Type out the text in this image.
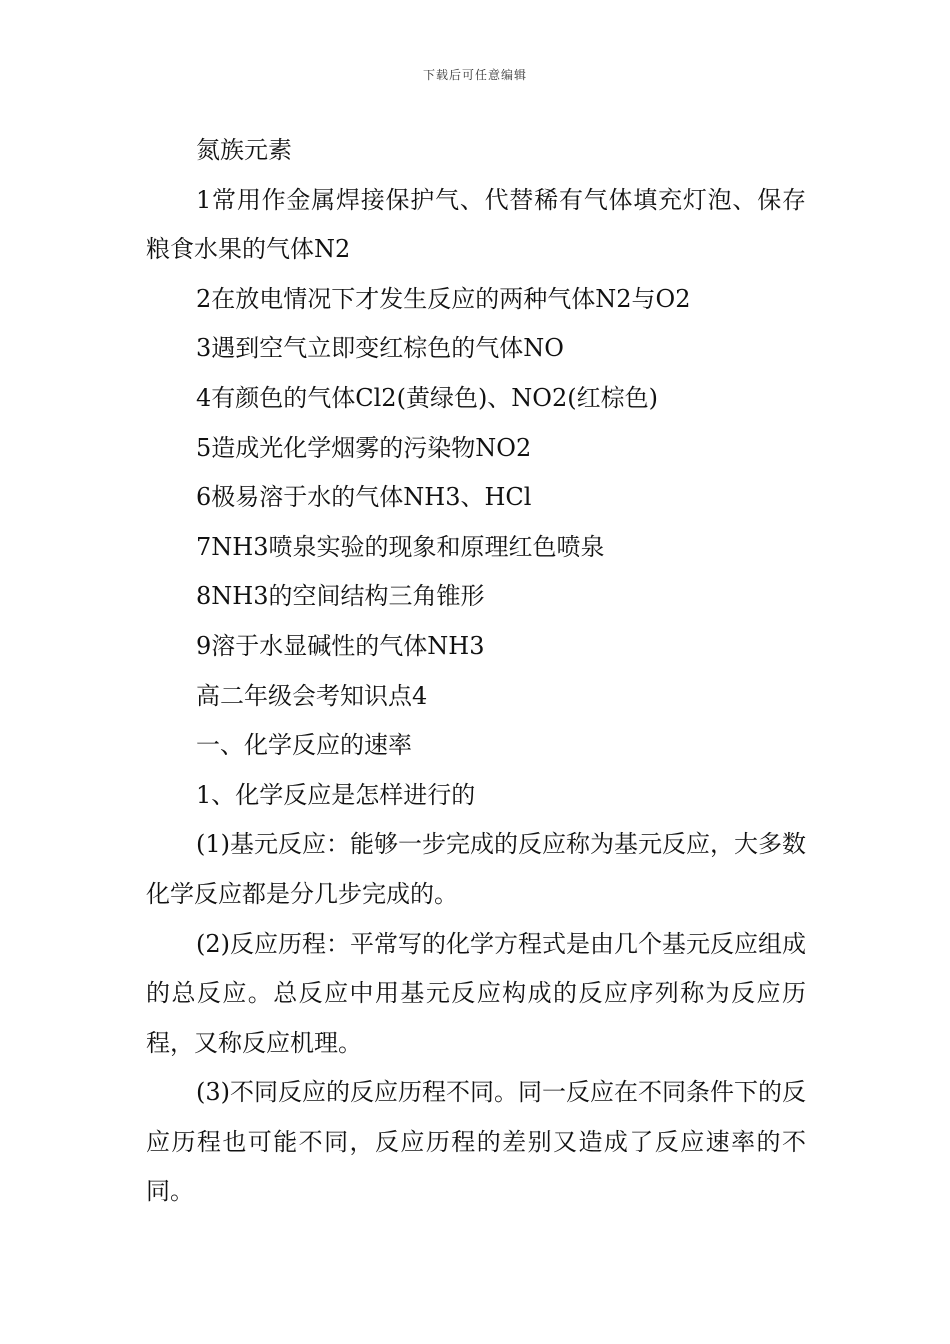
下载后可任意编辑

氮族元素

1常用作金属焊接保护气、代替稀有气体填充灯泡、保存粮食水果的气体N2

2在放电情况下才发生反应的两种气体N2与O2

3遇到空气立即变红棕色的气体NO

4有颜色的气体Cl2(黄绿色)、NO2(红棕色)

5造成光化学烟雾的污染物NO2

6极易溶于水的气体NH3、HCl

7NH3喷泉实验的现象和原理红色喷泉

8NH3的空间结构三角锥形

9溶于水显碱性的气体NH3

高二年级会考知识点4

一、化学反应的速率

1、化学反应是怎样进行的

(1)基元反应：能够一步完成的反应称为基元反应，大多数化学反应都是分几步完成的。

(2)反应历程：平常写的化学方程式是由几个基元反应组成的总反应。总反应中用基元反应构成的反应序列称为反应历程，又称反应机理。

(3)不同反应的反应历程不同。同一反应在不同条件下的反应历程也可能不同，反应历程的差别又造成了反应速率的不同。
